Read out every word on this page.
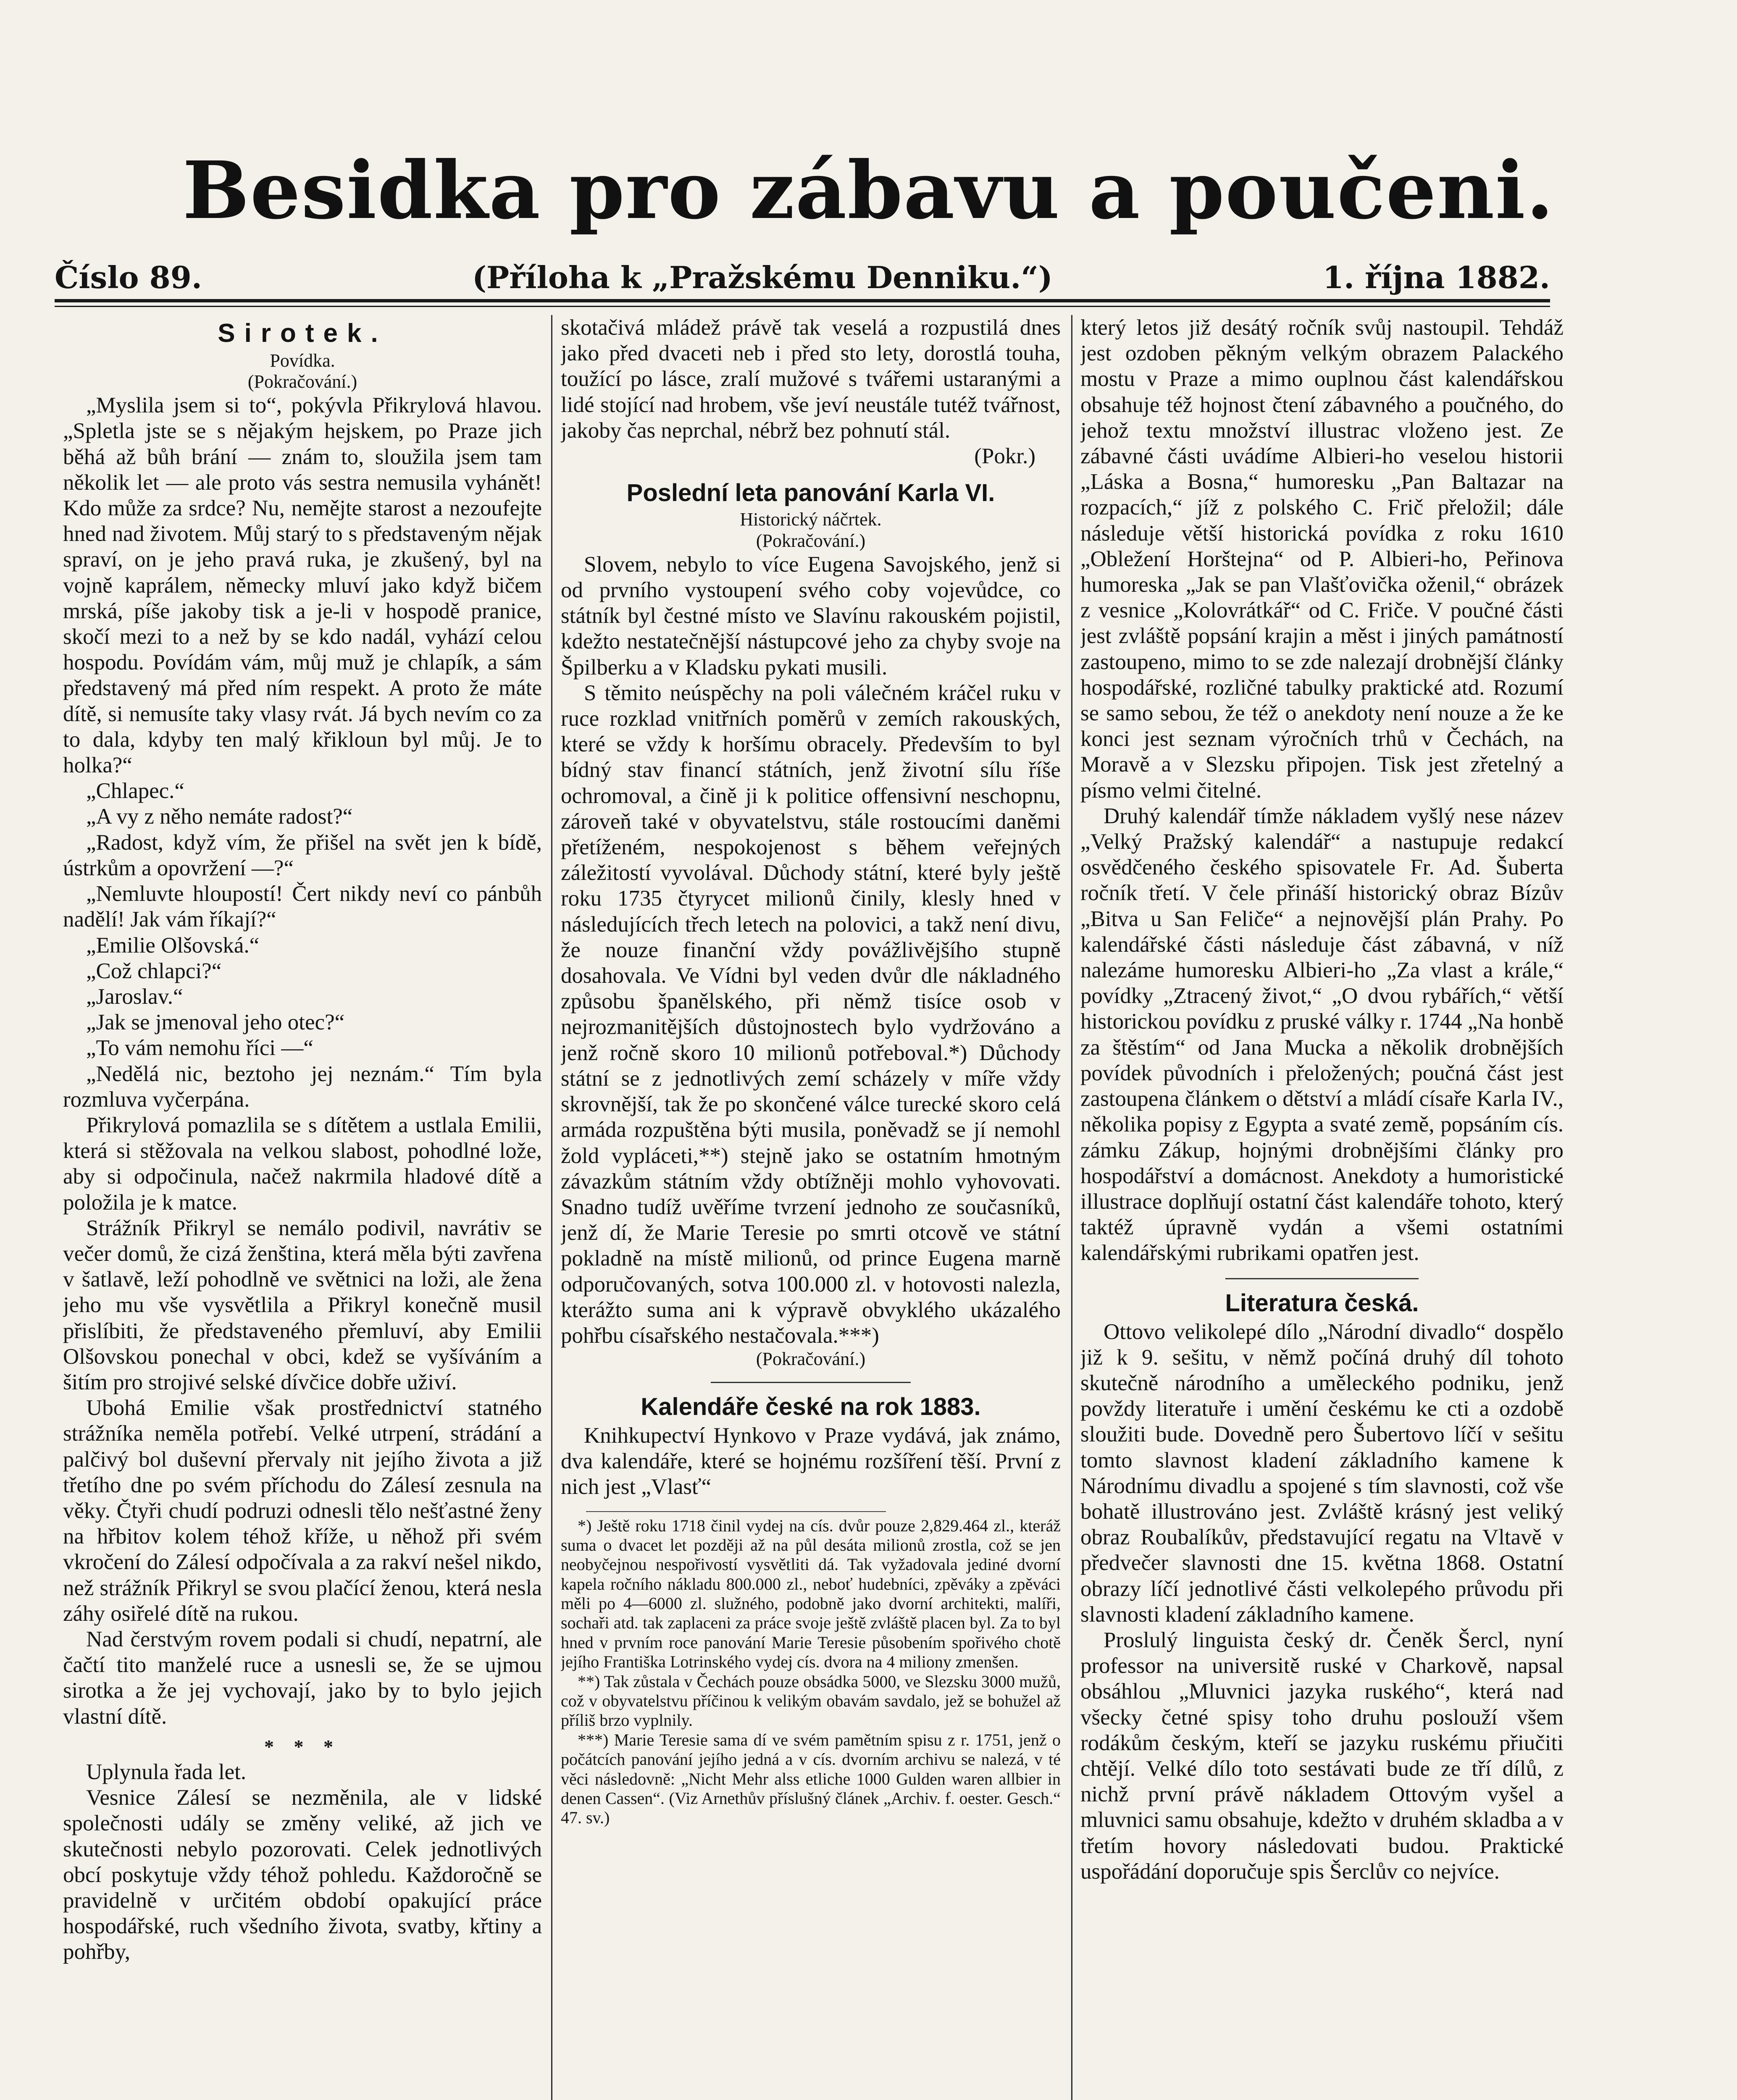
Besidka pro zábavu a poučeni.
Číslo 89.	(Příloha k „Pražskému Denniku.“)	1. října 1882.
Sirotek.
Povídka.
(Pokračování.)

„Myslila jsem si to“, pokývla Přikrylová hlavou. „Spletla jste se s nějakým hejskem, po Praze jich běhá až bůh brání — znám to, sloužila jsem tam několik let — ale proto vás sestra nemusila vyhánět! Kdo může za srdce? Nu, nemějte starost a nezoufejte hned nad životem. Můj starý to s představeným nějak spraví, on je jeho pravá ruka, je zkušený, byl na vojně kaprálem, německy mluví jako když bičem mrská, píše jakoby tisk a je-li v hospodě pranice, skočí mezi to a než by se kdo nadál, vyhází celou hospodu. Povídám vám, můj muž je chlapík, a sám představený má před ním respekt. A proto že máte dítě, si nemusíte taky vlasy rvát. Já bych nevím co za to dala, kdyby ten malý křikloun byl můj. Je to holka?“

„Chlapec.“

„A vy z něho nemáte radost?“

„Radost, když vím, že přišel na svět jen k bídě, ústrkům a opovržení —?“

„Nemluvte hloupostí! Čert nikdy neví co pánbůh nadělí! Jak vám říkají?“

„Emilie Olšovská.“

„Což chlapci?“

„Jaroslav.“

„Jak se jmenoval jeho otec?“

„To vám nemohu říci —“

„Nedělá nic, beztoho jej neznám.“ Tím byla rozmluva vyčerpána.

Přikrylová pomazlila se s dítětem a ustlala Emilii, která si stěžovala na velkou slabost, pohodlné lože, aby si odpočinula, načež nakrmila hladové dítě a položila je k matce.

Strážník Přikryl se nemálo podivil, navrátiv se večer domů, že cizá ženština, která měla býti zavřena v šatlavě, leží pohodlně ve světnici na loži, ale žena jeho mu vše vysvětlila a Přikryl konečně musil přislíbiti, že představeného přemluví, aby Emilii Olšovskou ponechal v obci, kdež se vyšíváním a šitím pro strojivé selské dívčice dobře uživí.

Ubohá Emilie však prostřednictví statného strážníka neměla potřebí. Velké utrpení, strádání a palčivý bol duševní přervaly nit jejího života a již třetího dne po svém příchodu do Zálesí zesnula na věky. Čtyři chudí podruzi odnesli tělo nešťastné ženy na hřbitov kolem téhož kříže, u něhož při svém vkročení do Zálesí odpočívala a za rakví nešel nikdo, než strážník Přikryl se svou plačící ženou, která nesla záhy osiřelé dítě na rukou.

Nad čerstvým rovem podali si chudí, nepatrní, ale čačtí tito manželé ruce a usnesli se, že se ujmou sirotka a že jej vychovají, jako by to bylo jejich vlastní dítě.

* * *

Uplynula řada let.

Vesnice Zálesí se nezměnila, ale v lidské společnosti udály se změny veliké, až jich ve skutečnosti nebylo pozorovati. Celek jednotlivých obcí poskytuje vždy téhož pohledu. Každoročně se pravidelně v určitém období opakující práce hospodářské, ruch všedního života, svatby, křtiny a pohřby,

skotačivá mládež právě tak veselá a rozpustilá dnes jako před dvaceti neb i před sto lety, dorostlá touha, toužící po lásce, zralí mužové s tvářemi ustaranými a lidé stojící nad hrobem, vše jeví neustále tutéž tvářnost, jakoby čas neprchal, nébrž bez pohnutí stál.

(Pokr.)

Poslední leta panování Karla VI.
Historický náčrtek.
(Pokračování.)

Slovem, nebylo to více Eugena Savojského, jenž si od prvního vystoupení svého coby vojevůdce, co státník byl čestné místo ve Slavínu rakouském pojistil, kdežto nestatečnější nástupcové jeho za chyby svoje na Špilberku a v Kladsku pykati musili.

S těmito neúspěchy na poli válečném kráčel ruku v ruce rozklad vnitřních poměrů v zemích rakouských, které se vždy k horšímu obracely. Především to byl bídný stav financí státních, jenž životní sílu říše ochromoval, a čině ji k politice offensivní neschopnu, zároveň také v obyvatelstvu, stále rostoucími daněmi přetíženém, nespokojenost s během veřejných záležitostí vyvolával. Důchody státní, které byly ještě roku 1735 čtyrycet milionů činily, klesly hned v následujících třech letech na polovici, a takž není divu, že nouze finanční vždy povážlivějšího stupně dosahovala. Ve Vídni byl veden dvůr dle nákladného způsobu španělského, při němž tisíce osob v nejrozmanitějších důstojnostech bylo vydržováno a jenž ročně skoro 10 milionů potřeboval.*) Důchody státní se z jednotlivých zemí scházely v míře vždy skrovnější, tak že po skončené válce turecké skoro celá armáda rozpuštěna býti musila, poněvadž se jí nemohl žold vypláceti,**) stejně jako se ostatním hmotným závazkům státním vždy obtížněji mohlo vyhovovati. Snadno tudíž uvěříme tvrzení jednoho ze současníků, jenž dí, že Marie Teresie po smrti otcově ve státní pokladně na místě milionů, od prince Eugena marně odporučovaných, sotva 100.000 zl. v hotovosti nalezla, kterážto suma ani k výpravě obvyklého ukázalého pohřbu císařského nestačovala.***)

(Pokračování.)
Kalendáře české na rok 1883.

Knihkupectví Hynkovo v Praze vydává, jak známo, dva kalendáře, které se hojnému rozšíření těší. První z nich jest „Vlasť“

*) Ještě roku 1718 činil vydej na cís. dvůr pouze 2,829.464 zl., kteráž suma o dvacet let později až na půl desáta milionů zrostla, což se jen neobyčejnou nespořivostí vysvětliti dá. Tak vyžadovala jediné dvorní kapela ročního nákladu 800.000 zl., neboť hudebníci, zpěváky a zpěváci měli po 4—6000 zl. služného, podobně jako dvorní architekti, malíři, sochaři atd. tak zaplaceni za práce svoje ještě zvláště placen byl. Za to byl hned v prvním roce panování Marie Teresie působením spořivého chotě jejího Františka Lotrinského vydej cís. dvora na 4 miliony zmenšen.

**) Tak zůstala v Čechách pouze obsádka 5000, ve Slezsku 3000 mužů, což v obyvatelstvu příčinou k velikým obavám savdalo, jež se bohužel až příliš brzo vyplnily.

***) Marie Teresie sama dí ve svém pamětním spisu z r. 1751, jenž o počátcích panování jejího jedná a v cís. dvorním archivu se nalezá, v té věci následovně: „Nicht Mehr alss etliche 1000 Gulden waren allbier in denen Cassen“. (Viz Arnethův příslušný článek „Archiv. f. oester. Gesch.“ 47. sv.)

který letos již desátý ročník svůj nastoupil. Tehdáž jest ozdoben pěkným velkým obrazem Palackého mostu v Praze a mimo ouplnou část kalendářskou obsahuje též hojnost čtení zábavného a poučného, do jehož textu množství illustrac vloženo jest. Ze zábavné části uvádíme Albieri-ho veselou historii „Láska a Bosna,“ humoresku „Pan Baltazar na rozpacích,“ jíž z polského C. Frič přeložil; dále následuje větší historická povídka z roku 1610 „Obležení Horštejna“ od P. Albieri-ho, Peřinova humoreska „Jak se pan Vlašťovička oženil,“ obrázek z vesnice „Kolovrátkář“ od C. Friče. V poučné části jest zvláště popsání krajin a měst i jiných památností zastoupeno, mimo to se zde nalezají drobnější články hospodářské, rozličné tabulky praktické atd. Rozumí se samo sebou, že též o anekdoty není nouze a že ke konci jest seznam výročních trhů v Čechách, na Moravě a v Slezsku připojen. Tisk jest zřetelný a písmo velmi čitelné.

Druhý kalendář tímže nákladem vyšlý nese název „Velký Pražský kalendář“ a nastupuje redakcí osvědčeného českého spisovatele Fr. Ad. Šuberta ročník třetí. V čele přináší historický obraz Bízův „Bitva u San Feliče“ a nejnovější plán Prahy. Po kalendářské části následuje část zábavná, v níž nalezáme humoresku Albieri-ho „Za vlast a krále,“ povídky „Ztracený život,“ „O dvou rybářích,“ větší historickou povídku z pruské války r. 1744 „Na honbě za štěstím“ od Jana Mucka a několik drobnějších povídek původních i přeložených; poučná část jest zastoupena článkem o dětství a mládí císaře Karla IV., několika popisy z Egypta a svaté země, popsáním cís. zámku Zákup, hojnými drobnějšími články pro hospodářství a domácnost. Anekdoty a humoristické illustrace doplňují ostatní část kalendáře tohoto, který taktéž úpravně vydán a všemi ostatními kalendářskými rubrikami opatřen jest.

Literatura česká.

Ottovo velikolepé dílo „Národní divadlo“ dospělo již k 9. sešitu, v němž počíná druhý díl tohoto skutečně národního a uměleckého podniku, jenž povždy literatuře i umění českému ke cti a ozdobě sloužiti bude. Dovedně pero Šubertovo líčí v sešitu tomto slavnost kladení základního kamene k Národnímu divadlu a spojené s tím slavnosti, což vše bohatě illustrováno jest. Zvláště krásný jest veliký obraz Roubalíkův, představující regatu na Vltavě v předvečer slavnosti dne 15. května 1868. Ostatní obrazy líčí jednotlivé části velkolepého průvodu při slavnosti kladení základního kamene.

Proslulý linguista český dr. Čeněk Šercl, nyní professor na universitě ruské v Charkově, napsal obsáhlou „Mluvnici jazyka ruského“, která nad všecky četné spisy toho druhu poslouží všem rodákům českým, kteří se jazyku ruskému přiučiti chtějí. Velké dílo toto sestávati bude ze tří dílů, z nichž první právě nákladem Ottovým vyšel a mluvnici samu obsahuje, kdežto v druhém skladba a v třetím hovory následovati budou. Praktické uspořádání doporučuje spis Šerclův co nejvíce.
